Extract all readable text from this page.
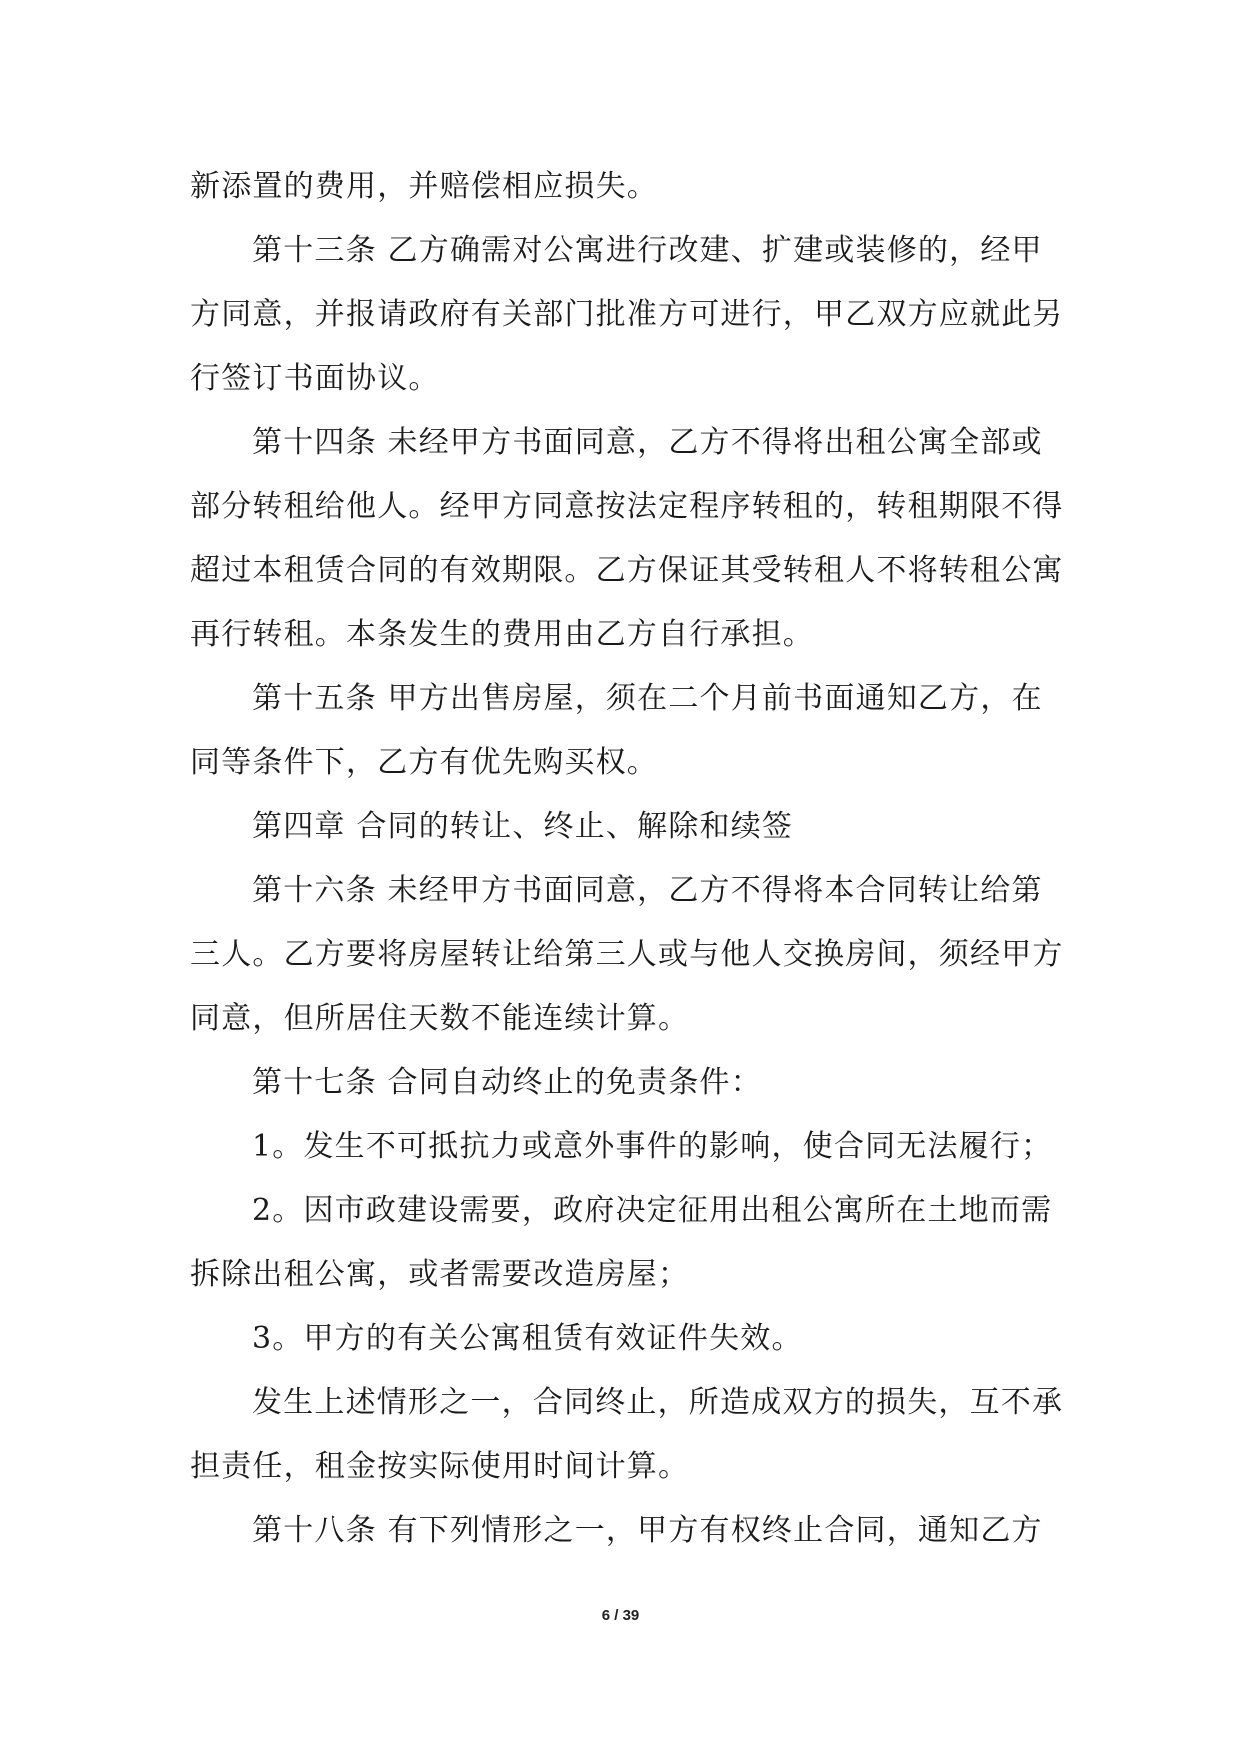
新添置的费用，并赔偿相应损失。
第十三条 乙方确需对公寓进行改建、扩建或装修的，经甲
方同意，并报请政府有关部门批准方可进行，甲乙双方应就此另
行签订书面协议。
第十四条 未经甲方书面同意，乙方不得将出租公寓全部或
部分转租给他人。经甲方同意按法定程序转租的，转租期限不得
超过本租赁合同的有效期限。乙方保证其受转租人不将转租公寓
再行转租。本条发生的费用由乙方自行承担。
第十五条 甲方出售房屋，须在二个月前书面通知乙方，在
同等条件下，乙方有优先购买权。
第四章 合同的转让、终止、解除和续签
第十六条 未经甲方书面同意，乙方不得将本合同转让给第
三人。乙方要将房屋转让给第三人或与他人交换房间，须经甲方
同意，但所居住天数不能连续计算。
第十七条 合同自动终止的免责条件：
1。发生不可抵抗力或意外事件的影响，使合同无法履行；
2。因市政建设需要，政府决定征用出租公寓所在土地而需
拆除出租公寓，或者需要改造房屋；
3。甲方的有关公寓租赁有效证件失效。
发生上述情形之一，合同终止，所造成双方的损失，互不承
担责任，租金按实际使用时间计算。
第十八条 有下列情形之一，甲方有权终止合同，通知乙方
6 / 39
